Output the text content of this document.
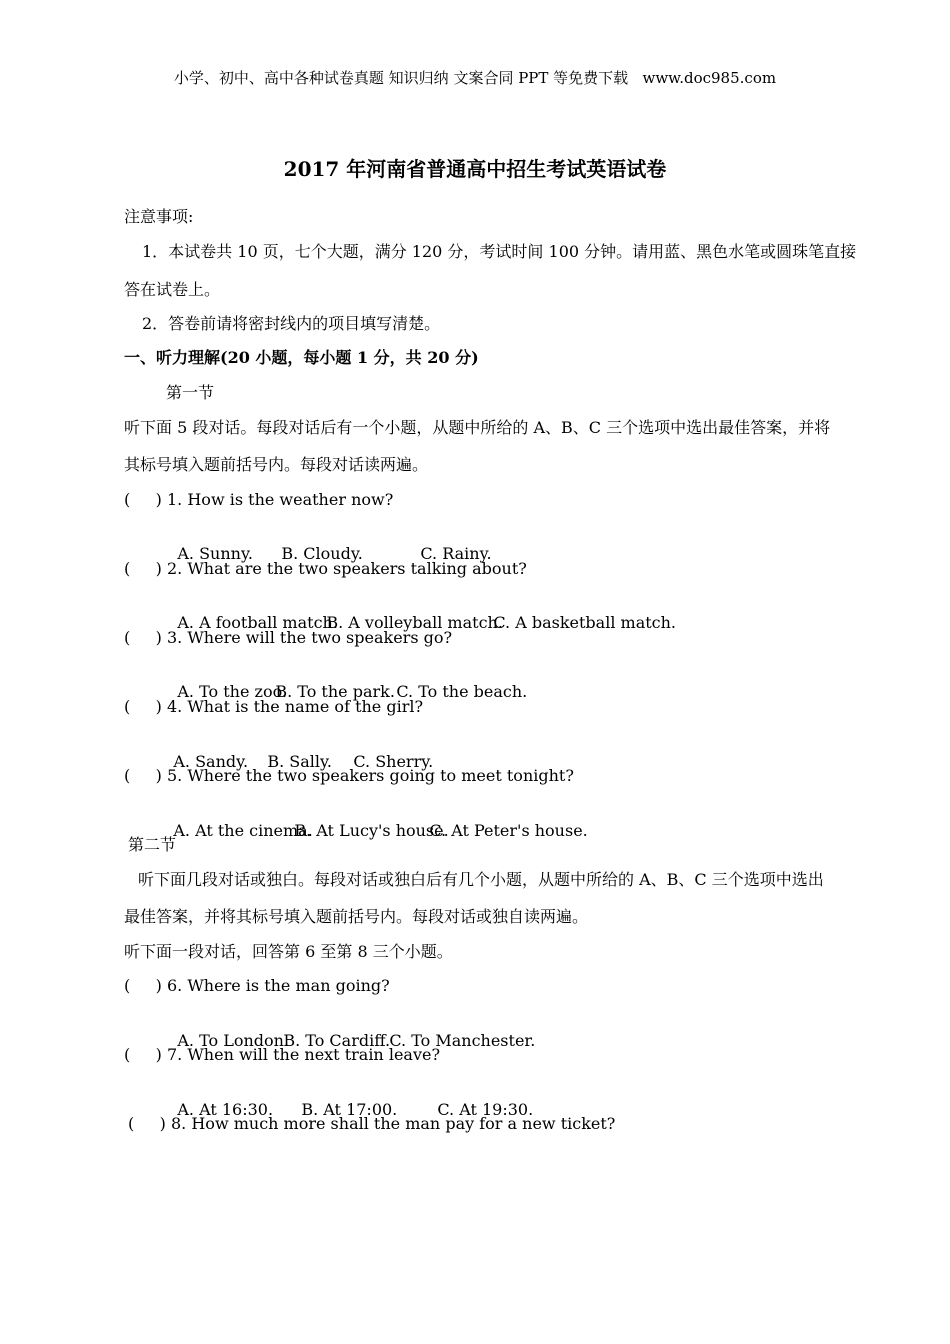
小学、初中、高中各种试卷真题 知识归纳 文案合同 PPT 等免费下载   www.doc985.com
2017 年河南省普通高中招生考试英语试卷
注意事项:
1．本试卷共 10 页，七个大题，满分 120 分，考试时间 100 分钟。请用蓝、黑色水笔或圆珠笔直接
答在试卷上。
2．答卷前请将密封线内的项目填写清楚。
一、听力理解(20 小题，每小题 1 分，共 20 分)
第一节
听下面 5 段对话。每段对话后有一个小题，从题中所给的 A、B、C 三个选项中选出最佳答案，并将
其标号填入题前括号内。每段对话读两遍。
(     ) 1. How is the weather now?

A. Sunny. B. Cloudy.	C. Rainy.

(     ) 2. What are the two speakers talking about?

A. A football match.B. A volleyball match.C. A basketball match.

(     ) 3. Where will the two speakers go?

A. To the zoo.B. To the park.C. To the beach.

(     ) 4. What is the name of the girl?

A. Sandy. B. Sally. C. Sherry.

(     ) 5. Where the two speakers going to meet tonight?

A. At the cinema.B. At Lucy's house.C. At Peter's house.

第二节
听下面几段对话或独白。每段对话或独白后有几个小题，从题中所给的 A、B、C 三个选项中选出
最佳答案，并将其标号填入题前括号内。每段对话或独自读两遍。
听下面一段对话，回答第 6 至第 8 三个小题。
(     ) 6. Where is the man going?

A. To London.B. To Cardiff.C. To Manchester.

(     ) 7. When will the next train leave?

A. At 16:30. B. At 17:00.	C. At 19:30.

(     ) 8. How much more shall the man pay for a new ticket?
